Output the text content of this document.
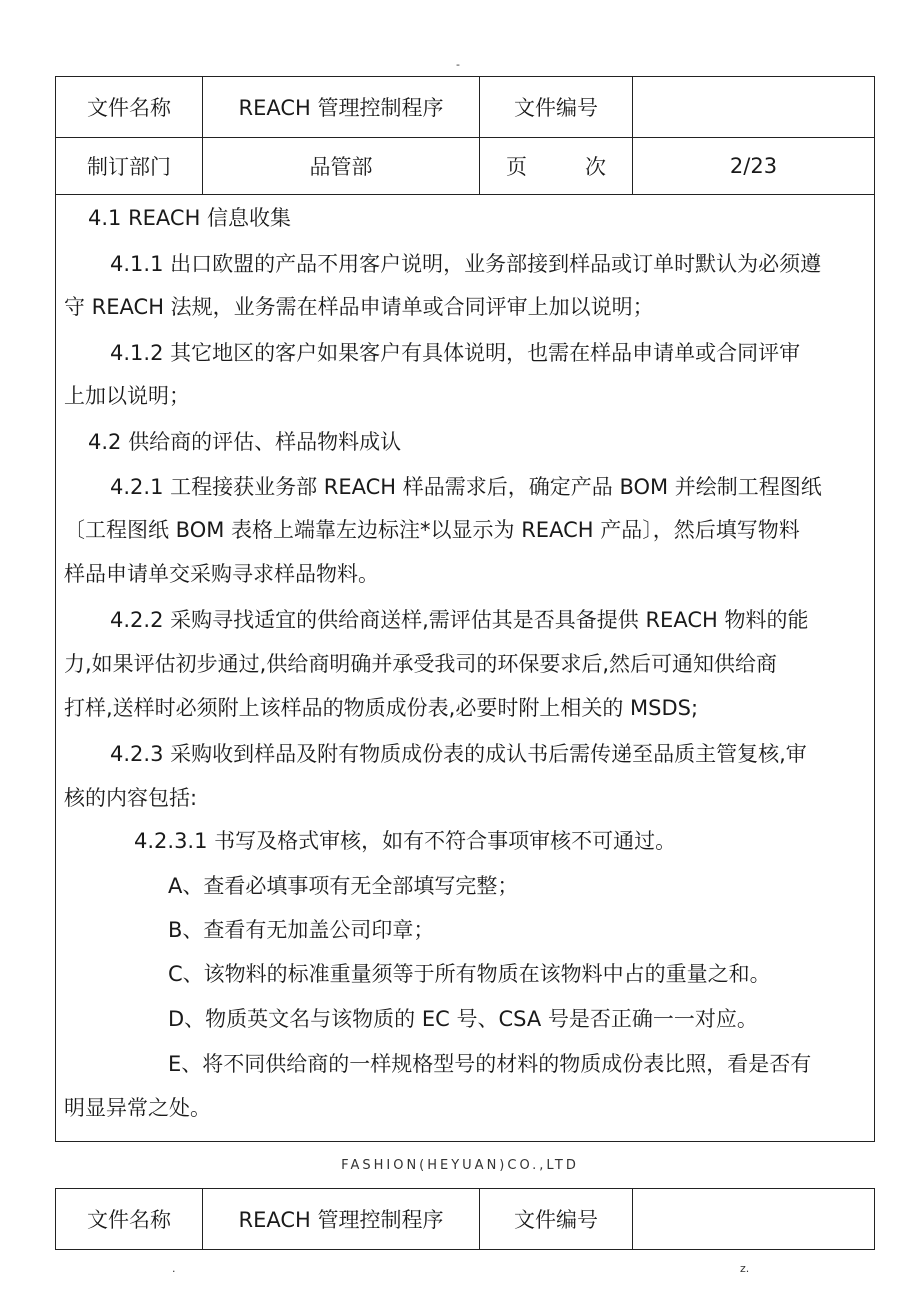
-
文件名称	REACH 管理控制程序	文件编号	
制订部门	品管部	页 次	2/23
4.1 REACH 信息收集
4.1.1 出口欧盟的产品不用客户说明，业务部接到样品或订单时默认为必须遵
守 REACH 法规，业务需在样品申请单或合同评审上加以说明；
4.1.2 其它地区的客户如果客户有具体说明，也需在样品申请单或合同评审
上加以说明；
4.2 供给商的评估、样品物料成认
4.2.1 工程接获业务部 REACH 样品需求后，确定产品 BOM 并绘制工程图纸
〔工程图纸 BOM 表格上端靠左边标注*以显示为 REACH 产品〕，然后填写物料
样品申请单交采购寻求样品物料。
4.2.2 采购寻找适宜的供给商送样,需评估其是否具备提供 REACH 物料的能
力,如果评估初步通过,供给商明确并承受我司的环保要求后,然后可通知供给商
打样,送样时必须附上该样品的物质成份表,必要时附上相关的 MSDS;
4.2.3 采购收到样品及附有物质成份表的成认书后需传递至品质主管复核,审
核的内容包括:
4.2.3.1 书写及格式审核，如有不符合事项审核不可通过。
A、查看必填事项有无全部填写完整；
B、查看有无加盖公司印章；
C、该物料的标准重量须等于所有物质在该物料中占的重量之和。
D、物质英文名与该物质的 EC 号、CSA 号是否正确一一对应。
E、将不同供给商的一样规格型号的材料的物质成份表比照，看是否有
明显异常之处。
FASHION(HEYUAN)CO.,LTD
文件名称	REACH 管理控制程序	文件编号	
.	z.
